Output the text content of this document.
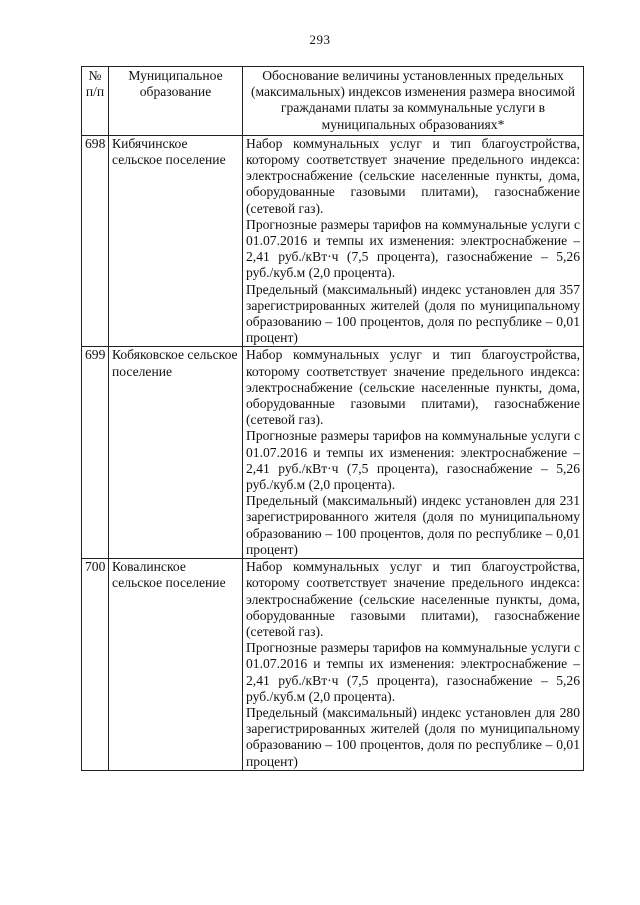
293
№ п/п	Муниципальное образование	Обоснование величины установленных предельных (максимальных) индексов изменения размера вносимой гражданами платы за коммунальные услуги в муниципальных образованиях*
698	Кибячинское сельское поселение	Набор коммунальных услуг и тип благоустройства, которому соответствует значение предельного индекса: электроснабжение (сельские населенные пункты, дома, оборудованные газовыми плитами), газоснабжение (сетевой газ).

Прогнозные размеры тарифов на коммунальные услуги с 01.07.2016 и темпы их изменения: электроснабжение – 2,41 руб./кВт·ч (7,5 процента), газоснабжение – 5,26 руб./куб.м (2,0 процента).

Предельный (максимальный) индекс установлен для 357 зарегистрированных жителей (доля по муниципальному образованию – 100 процентов, доля по республике – 0,01 процент)

699	Кобяковское сельское поселение	Набор коммунальных услуг и тип благоустройства, которому соответствует значение предельного индекса: электроснабжение (сельские населенные пункты, дома, оборудованные газовыми плитами), газоснабжение (сетевой газ).

Прогнозные размеры тарифов на коммунальные услуги с 01.07.2016 и темпы их изменения: электроснабжение – 2,41 руб./кВт·ч (7,5 процента), газоснабжение – 5,26 руб./куб.м (2,0 процента).

Предельный (максимальный) индекс установлен для 231 зарегистрированного жителя (доля по муниципальному образованию – 100 процентов, доля по республике – 0,01 процент)

700	Ковалинское сельское поселение	Набор коммунальных услуг и тип благоустройства, которому соответствует значение предельного индекса: электроснабжение (сельские населенные пункты, дома, оборудованные газовыми плитами), газоснабжение (сетевой газ).

Прогнозные размеры тарифов на коммунальные услуги с 01.07.2016 и темпы их изменения: электроснабжение – 2,41 руб./кВт·ч (7,5 процента), газоснабжение – 5,26 руб./куб.м (2,0 процента).

Предельный (максимальный) индекс установлен для 280 зарегистрированных жителей (доля по муниципальному образованию – 100 процентов, доля по республике – 0,01 процент)
